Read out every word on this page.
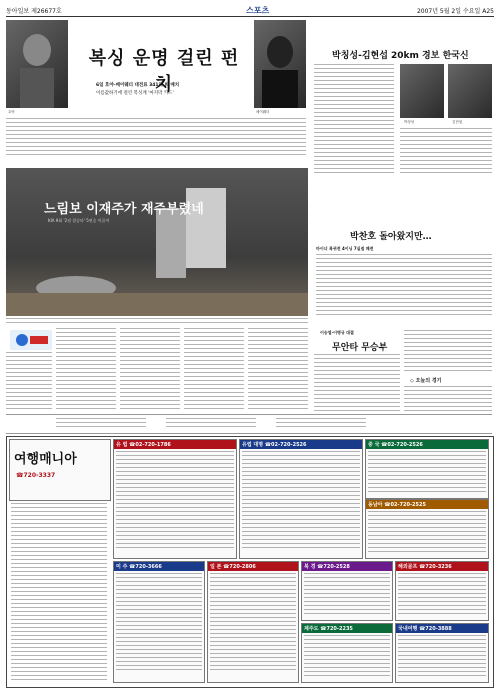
동아일보 제26677호	스포츠	2007년 5월 2일 수요일 A25
호야
복싱 운명 걸린 펀치
6일 호야-메이웨더 대전료 341억 빅 매치
이름값하기에 걸린 복싱계 '마지막 카드'
메이웨더
박칭성-김현섭 20km 경보 한국신
박칭성	김현섭
느림보 이재주가 재주부렸네
KIA 9회 '2점 결승타' 5연승 이끌어
박찬호 돌아왔지만…
마이너 복귀전 4이닝 7실점 패전
이승엽·이병규 대결
무안타 무승부
◇ 오늘의 경기
여행매니아
☎720-3337
유 럽 ☎02-720-1786	유럽 대명 ☎02-720-2526	중 국 ☎02-720-2526
동남아 ☎02-720-2525
미 주 ☎720-3666	일 본 ☎720-2806	북 경 ☎720-2528
제주도 ☎720-2235
해외골프 ☎720-3236
국내여행 ☎720-3888
